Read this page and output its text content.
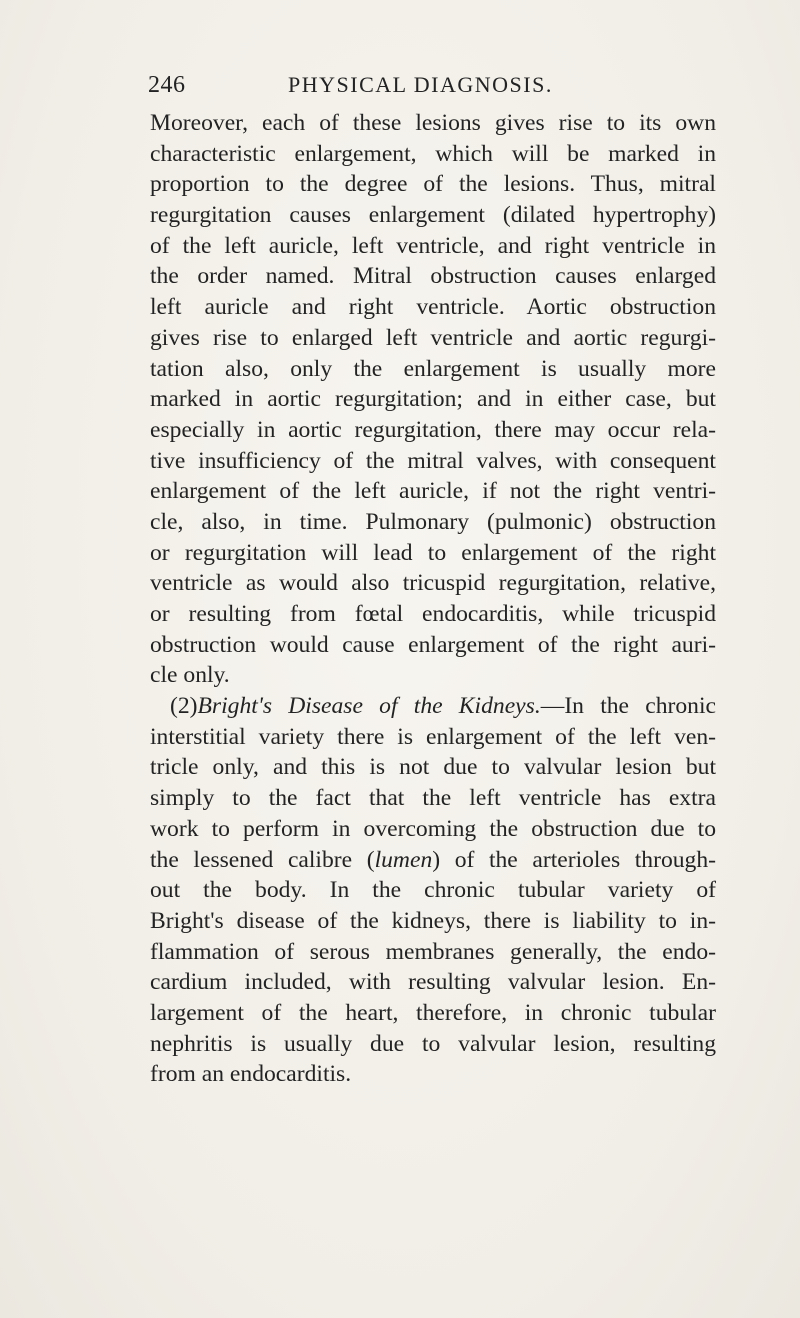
246	PHYSICAL DIAGNOSIS.
Moreover, each of these lesions gives rise to its own
characteristic enlargement, which will be marked in
proportion to the degree of the lesions. Thus, mitral
regurgitation causes enlargement (dilated hypertrophy)
of the left auricle, left ventricle, and right ventricle in
the order named. Mitral obstruction causes enlarged
left auricle and right ventricle. Aortic obstruction
gives rise to enlarged left ventricle and aortic regurgi-
tation also, only the enlargement is usually more
marked in aortic regurgitation; and in either case, but
especially in aortic regurgitation, there may occur rela-
tive insufficiency of the mitral valves, with consequent
enlargement of the left auricle, if not the right ventri-
cle, also, in time. Pulmonary (pulmonic) obstruction
or regurgitation will lead to enlargement of the right
ventricle as would also tricuspid regurgitation, relative,
or resulting from fœtal endocarditis, while tricuspid
obstruction would cause enlargement of the right auri-
cle only.
(2)Bright's Disease of the Kidneys.—In the chronic
interstitial variety there is enlargement of the left ven-
tricle only, and this is not due to valvular lesion but
simply to the fact that the left ventricle has extra
work to perform in overcoming the obstruction due to
the lessened calibre (lumen) of the arterioles through-
out the body. In the chronic tubular variety of
Bright's disease of the kidneys, there is liability to in-
flammation of serous membranes generally, the endo-
cardium included, with resulting valvular lesion. En-
largement of the heart, therefore, in chronic tubular
nephritis is usually due to valvular lesion, resulting
from an endocarditis.
